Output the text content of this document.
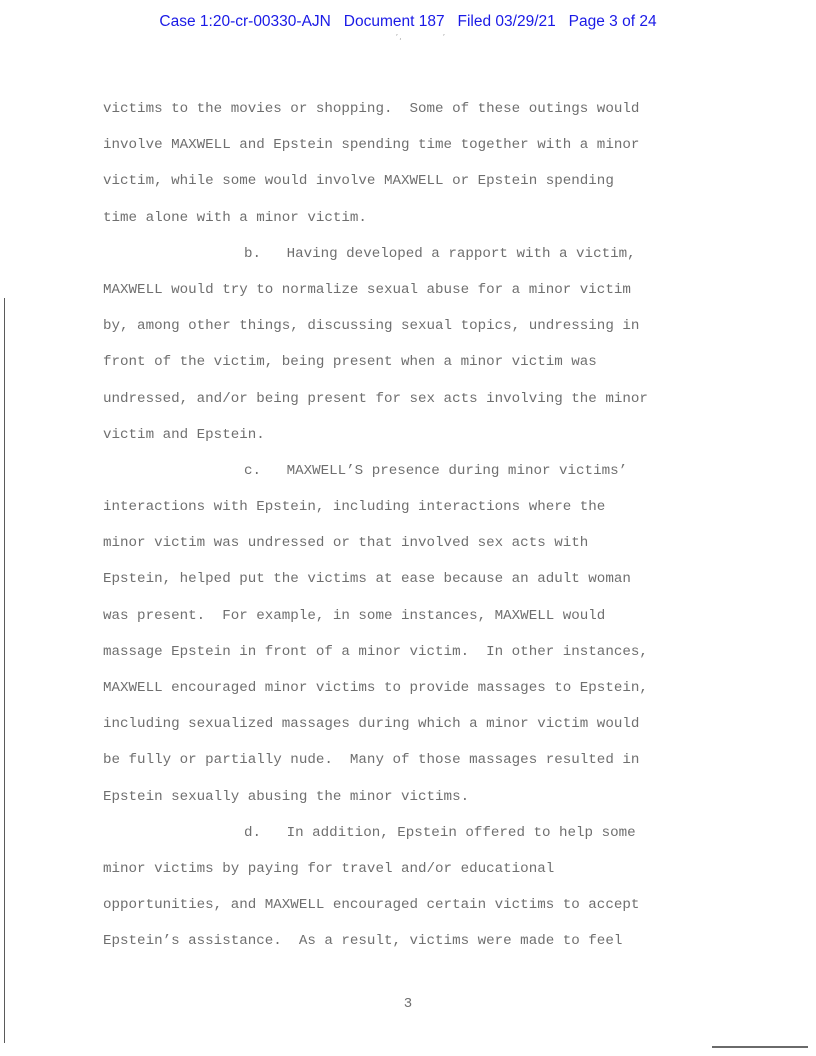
Case 1:20-cr-00330-AJN   Document 187   Filed 03/29/21   Page 3 of 24
’,           ’
victims to the movies or shopping.  Some of these outings would
involve MAXWELL and Epstein spending time together with a minor
victim, while some would involve MAXWELL or Epstein spending
time alone with a minor victim.
b.   Having developed a rapport with a victim,
MAXWELL would try to normalize sexual abuse for a minor victim
by, among other things, discussing sexual topics, undressing in
front of the victim, being present when a minor victim was
undressed, and/or being present for sex acts involving the minor
victim and Epstein.
c.   MAXWELL’S presence during minor victims’
interactions with Epstein, including interactions where the
minor victim was undressed or that involved sex acts with
Epstein, helped put the victims at ease because an adult woman
was present.  For example, in some instances, MAXWELL would
massage Epstein in front of a minor victim.  In other instances,
MAXWELL encouraged minor victims to provide massages to Epstein,
including sexualized massages during which a minor victim would
be fully or partially nude.  Many of those massages resulted in
Epstein sexually abusing the minor victims.
d.   In addition, Epstein offered to help some
minor victims by paying for travel and/or educational
opportunities, and MAXWELL encouraged certain victims to accept
Epstein’s assistance.  As a result, victims were made to feel
3
